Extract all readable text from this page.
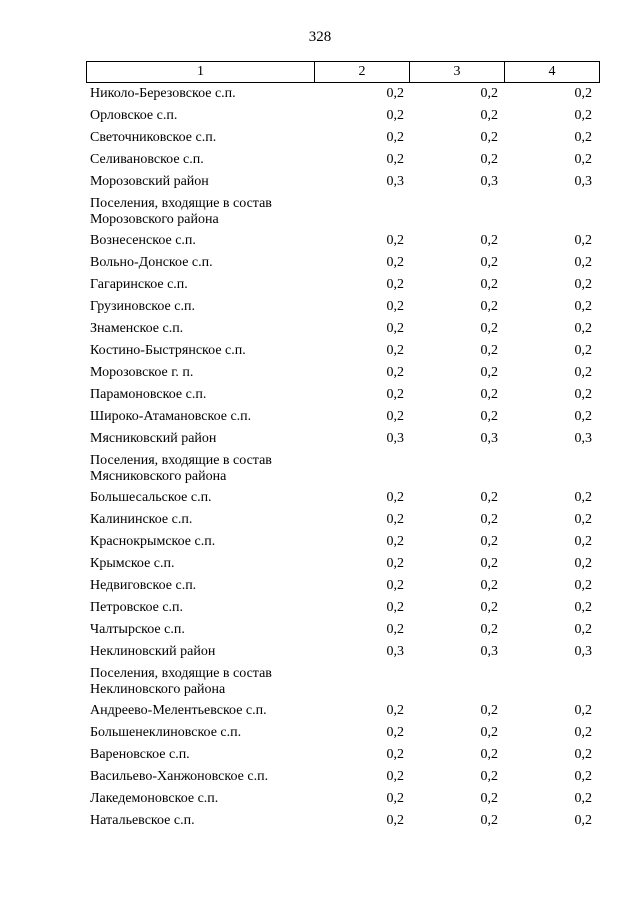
328
1	2	3	4
Николо-Березовское с.п.	0,2	0,2	0,2
Орловское с.п.	0,2	0,2	0,2
Светочниковское с.п.	0,2	0,2	0,2
Селивановское с.п.	0,2	0,2	0,2
Морозовский район	0,3	0,3	0,3
Поселения, входящие в состав
Морозовского района
Вознесенское с.п.	0,2	0,2	0,2
Вольно-Донское с.п.	0,2	0,2	0,2
Гагаринское с.п.	0,2	0,2	0,2
Грузиновское с.п.	0,2	0,2	0,2
Знаменское с.п.	0,2	0,2	0,2
Костино-Быстрянское с.п.	0,2	0,2	0,2
Морозовское г. п.	0,2	0,2	0,2
Парамоновское с.п.	0,2	0,2	0,2
Широко-Атамановское с.п.	0,2	0,2	0,2
Мясниковский район	0,3	0,3	0,3
Поселения, входящие в состав
Мясниковского района
Большесальское с.п.	0,2	0,2	0,2
Калининское с.п.	0,2	0,2	0,2
Краснокрымское с.п.	0,2	0,2	0,2
Крымское с.п.	0,2	0,2	0,2
Недвиговское с.п.	0,2	0,2	0,2
Петровское с.п.	0,2	0,2	0,2
Чалтырское с.п.	0,2	0,2	0,2
Неклиновский район	0,3	0,3	0,3
Поселения, входящие в состав
Неклиновского района
Андреево-Мелентьевское с.п.	0,2	0,2	0,2
Большенеклиновское с.п.	0,2	0,2	0,2
Вареновское с.п.	0,2	0,2	0,2
Васильево-Ханжоновское с.п.	0,2	0,2	0,2
Лакедемоновское с.п.	0,2	0,2	0,2
Натальевское с.п.	0,2	0,2	0,2
